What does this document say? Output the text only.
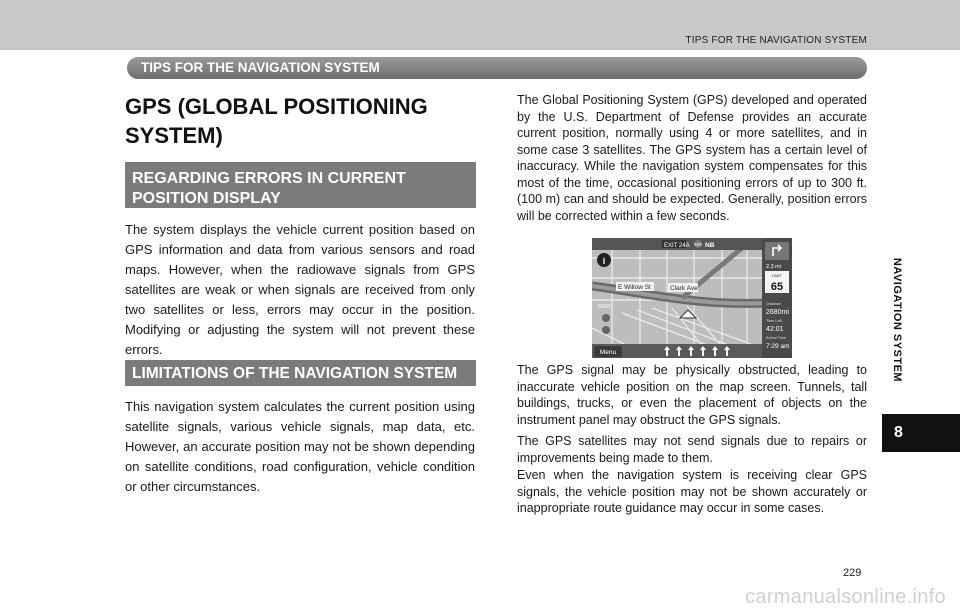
TIPS FOR THE NAVIGATION SYSTEM
TIPS FOR THE NAVIGATION SYSTEM
GPS (GLOBAL POSITIONING SYSTEM)
REGARDING ERRORS IN CURRENT POSITION DISPLAY
The system displays the vehicle current position based on GPS information and data from various sensors and road maps. However, when the radiowave signals from GPS satellites are weak or when signals are received from only two satellites or less, errors may occur in the position. Modifying or adjusting the system will not prevent these errors.
LIMITATIONS OF THE NAVIGATION SYSTEM
This navigation system calculates the current position using satellite signals, various vehicle signals, map data, etc. However, an accurate position may not be shown depending on satellite conditions, road configuration, vehicle condition or other circumstances.
The Global Positioning System (GPS) developed and operated by the U.S. Department of Defense provides an accurate current position, normally using 4 or more satellites, and in some case 3 satellites. The GPS system has a certain level of inaccuracy. While the navigation system compensates for this most of the time, occasional positioning errors of up to 300 ft. (100 m) can and should be expected. Generally, position errors will be corrected within a few seconds.
i
EXIT 24A 605 NB
E Willow St	Clark Ave
500ft
2.3 mi
LIMIT
65
Distance
2680mi
Time Left
42:01
Arrival Time
7:29 am
Menu
The GPS signal may be physically obstructed, leading to inaccurate vehicle position on the map screen. Tunnels, tall buildings, trucks, or even the placement of objects on the instrument panel may obstruct the GPS signals.
The GPS satellites may not send signals due to repairs or improvements being made to them.
Even when the navigation system is receiving clear GPS signals, the vehicle position may not be shown accurately or inappropriate route guidance may occur in some cases.
NAVIGATION SYSTEM
8
229
carmanualsonline.info
